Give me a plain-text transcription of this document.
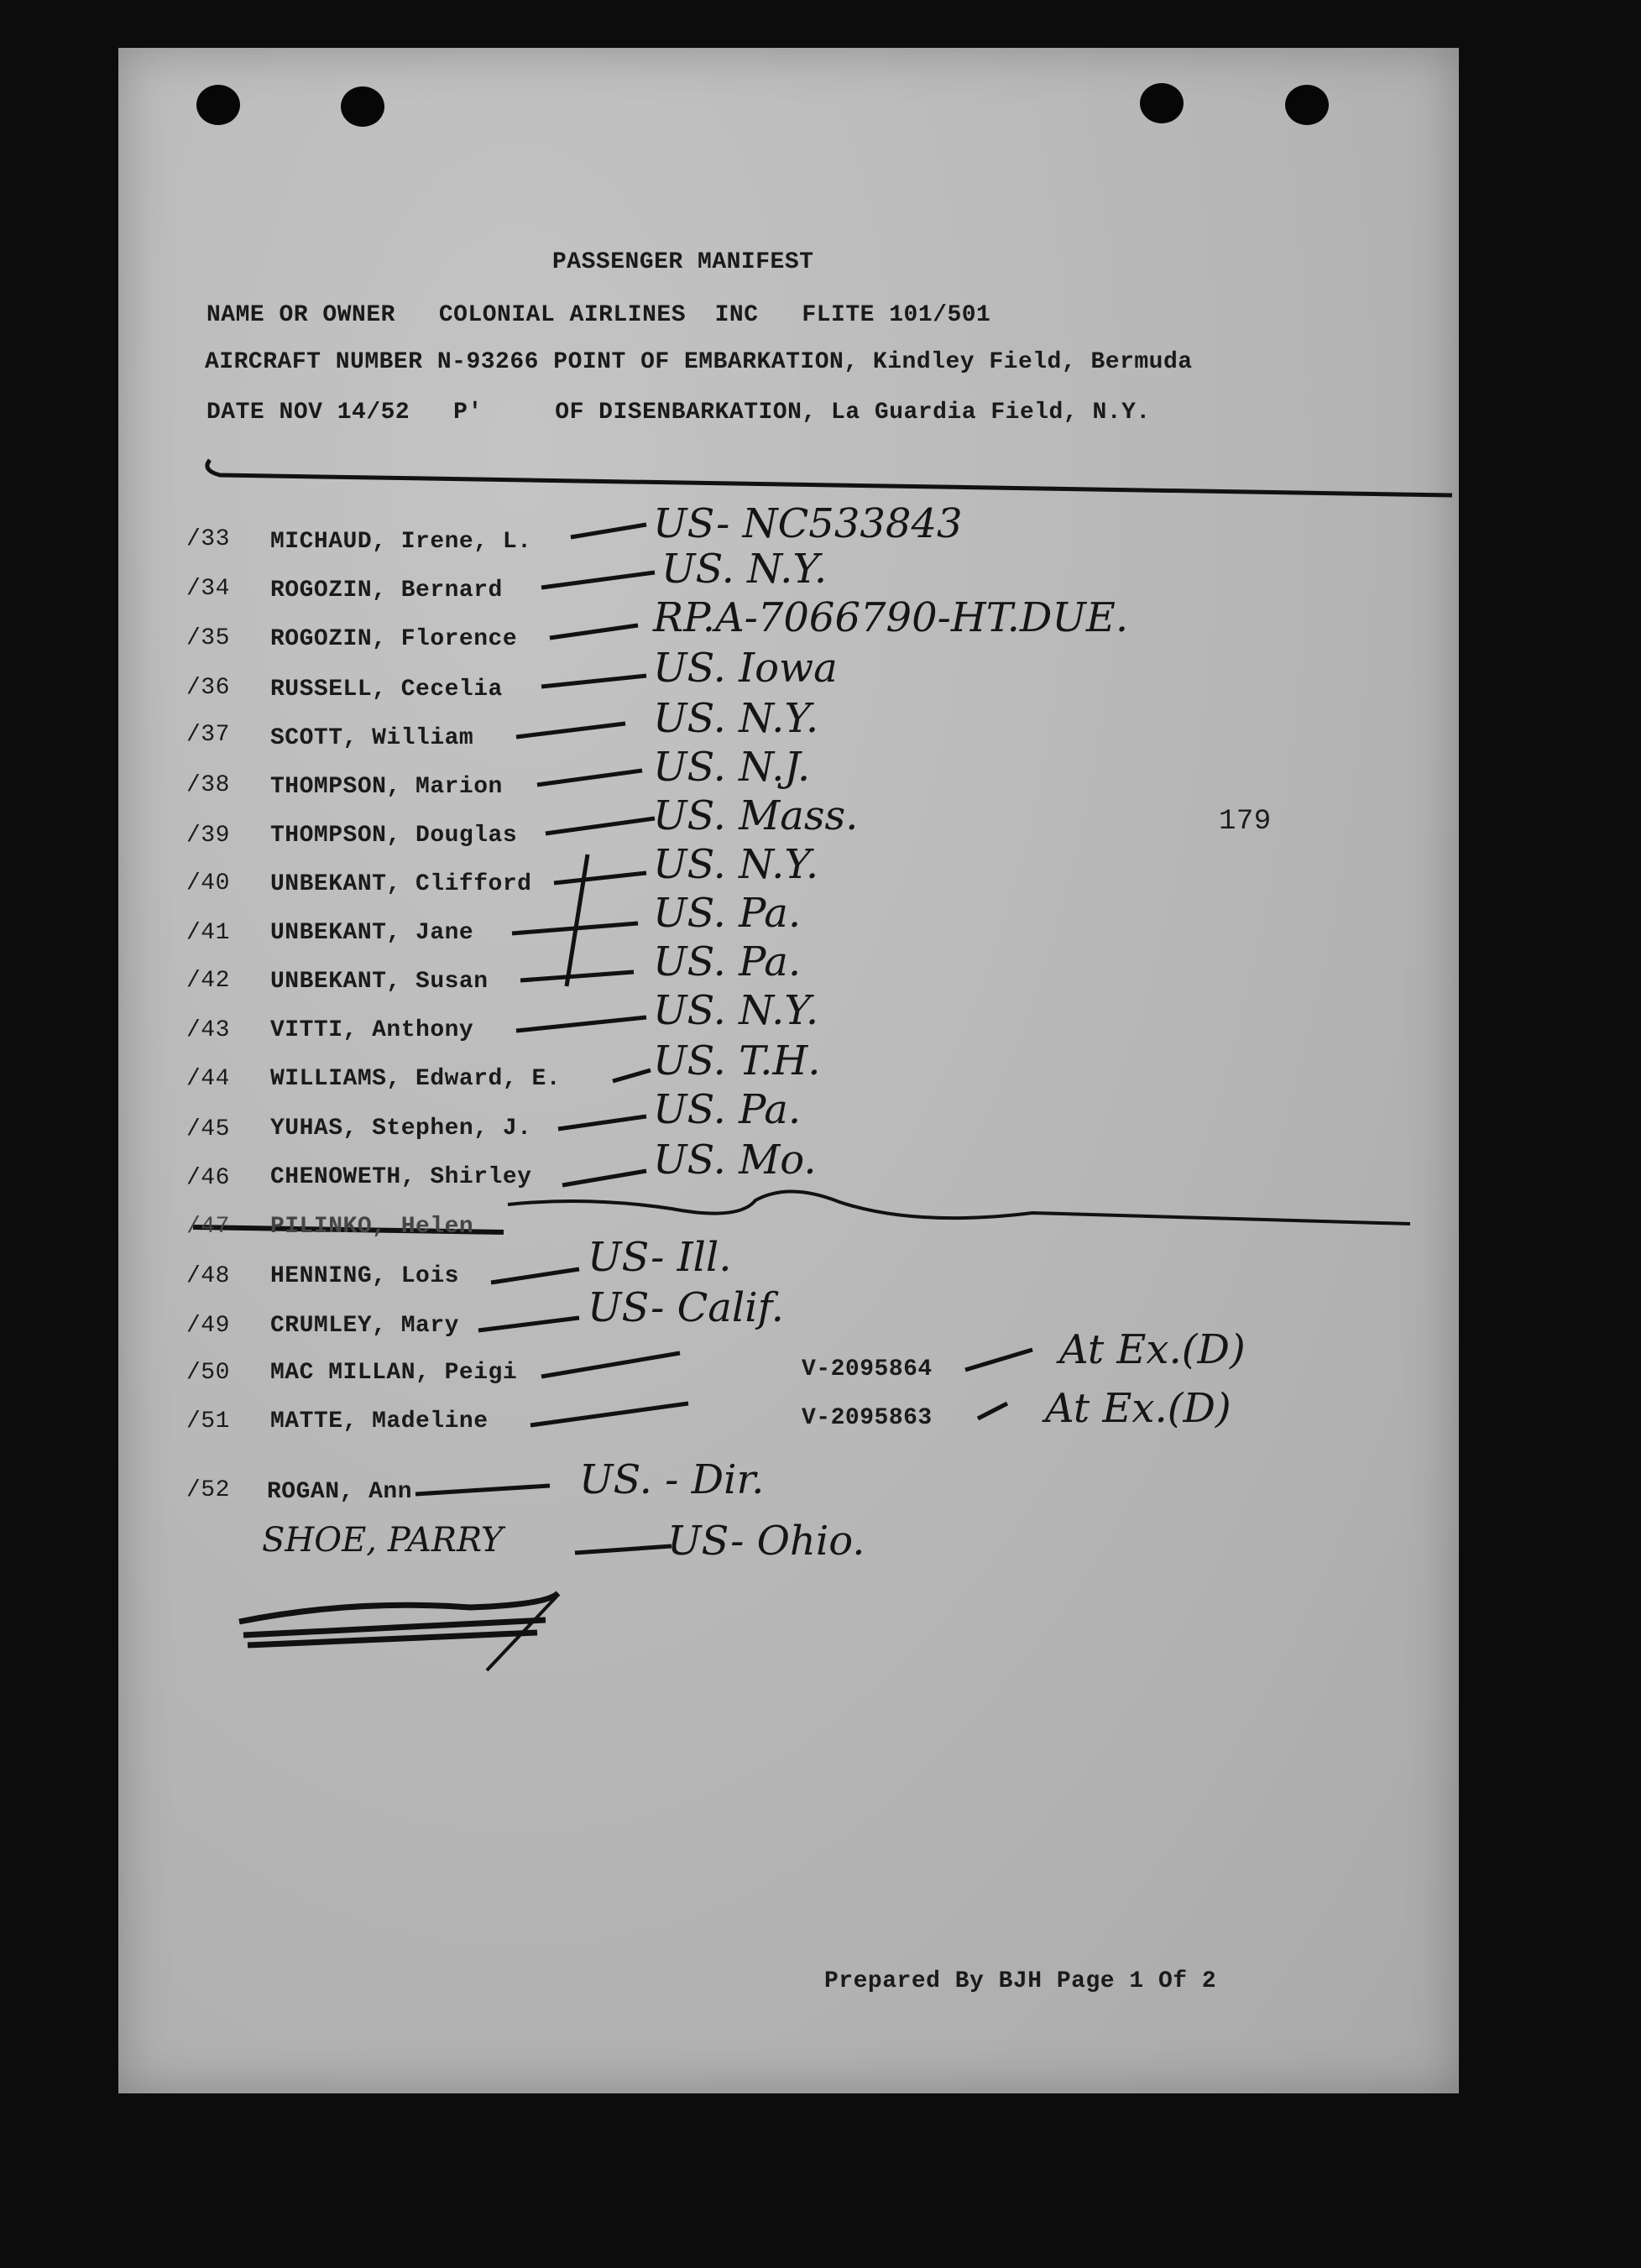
PASSENGER MANIFEST
NAME OR OWNER   COLONIAL AIRLINES  INC   FLITE 101/501
AIRCRAFT NUMBER N-93266 POINT OF EMBARKATION, Kindley Field, Bermuda
DATE NOV 14/52   P'     OF DISENBARKATION, La Guardia Field, N.Y.
/33 MICHAUD, Irene, L.	US- NC533843
/34 ROGOZIN, Bernard	US. N.Y.
/35 ROGOZIN, Florence	RP.A-7066790-HT.DUE.
/36 RUSSELL, Cecelia	US. Iowa
/37 SCOTT, William	US. N.Y.
/38 THOMPSON, Marion	US. N.J.
/39 THOMPSON, Douglas	US. Mass.
/40 UNBEKANT, Clifford	US. N.Y.
/41 UNBEKANT, Jane	US. Pa.
/42 UNBEKANT, Susan	US. Pa.
/43 VITTI, Anthony	US. N.Y.
/44 WILLIAMS, Edward, E. US. T.H.
/45 YUHAS, Stephen, J.	US. Pa.
/46 CHENOWETH, Shirley	US. Mo.
/47 PILINKO, Helen
/48 HENNING, Lois	US- Ill.
/49 CRUMLEY, Mary	US- Calif.
/50 MAC MILLAN, Peigi	V-2095864	At Ex.(D)
/51 MATTE, Madeline	V-2095863	At Ex.(D)
/52 ROGAN, Ann	US. - Dir.
SHOE, PARRY	US- Ohio.
179
Prepared By BJH Page 1 Of 2
